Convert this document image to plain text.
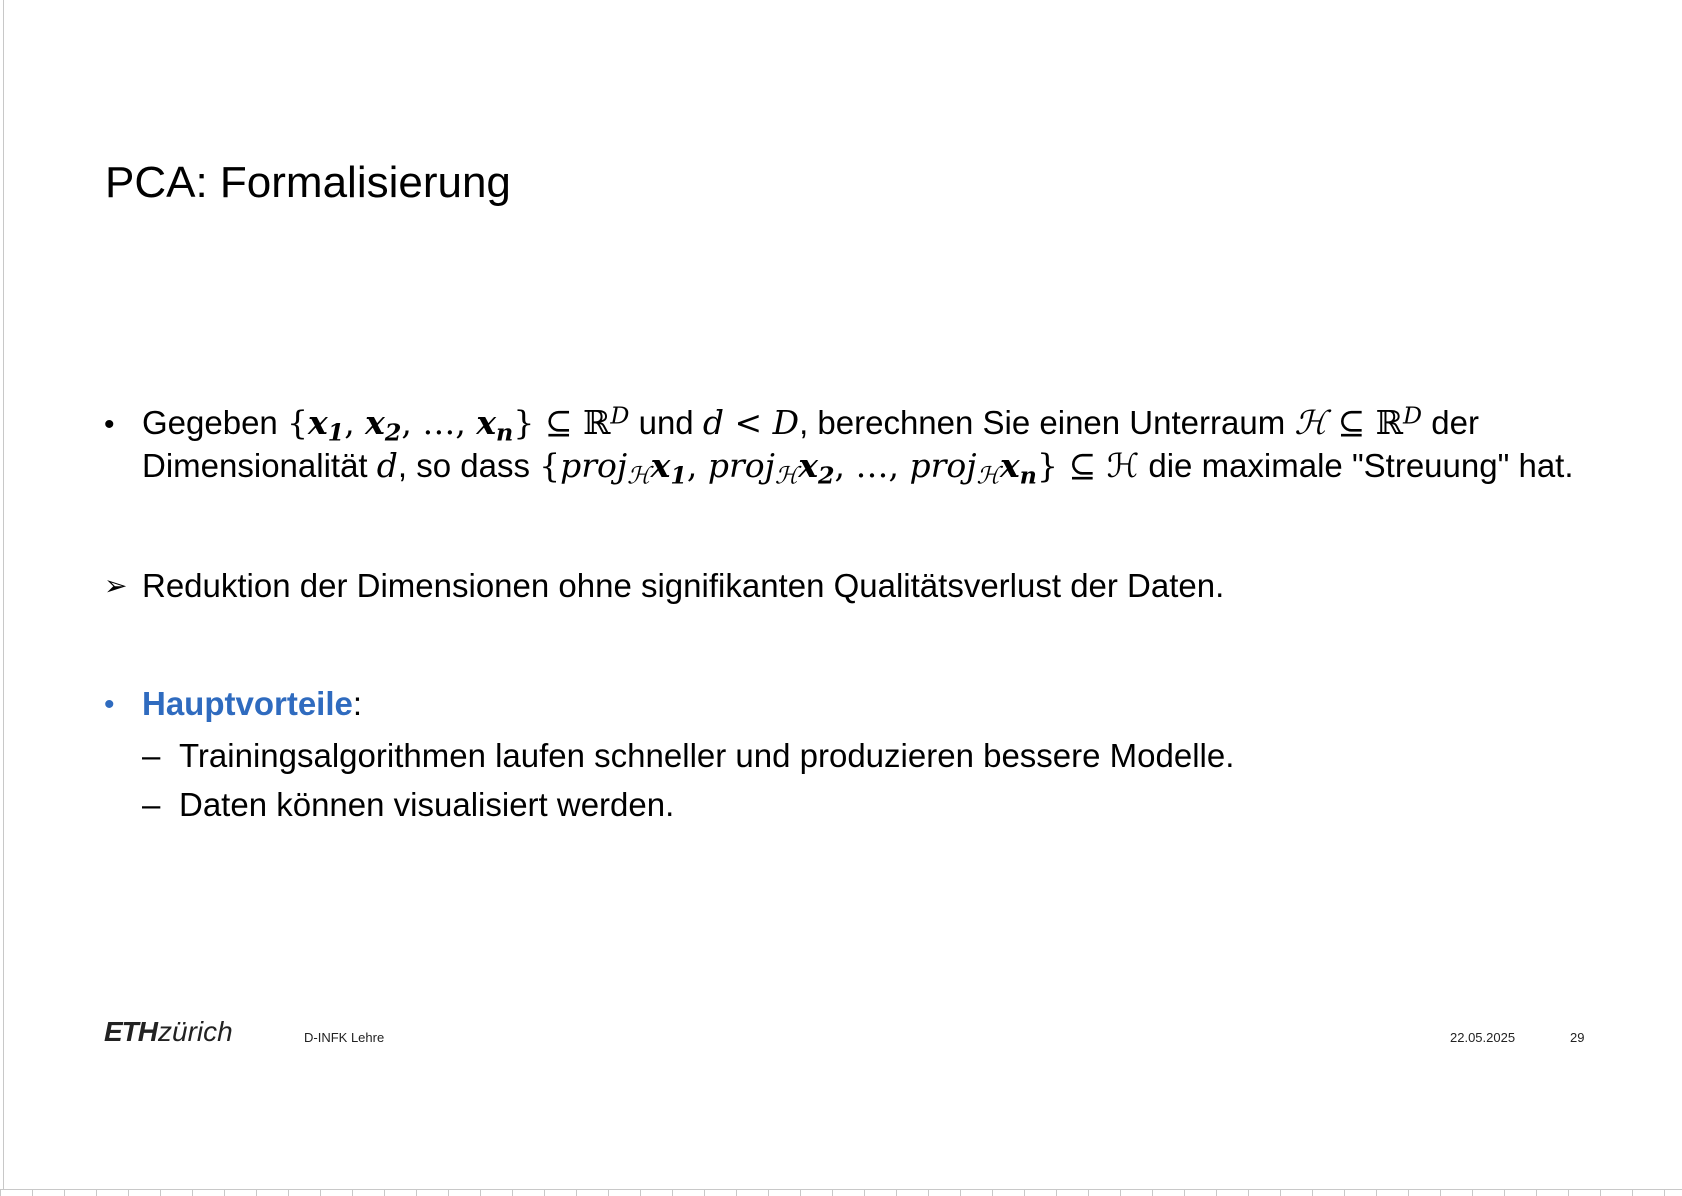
PCA: Formalisierung
• Gegeben {$x_1$, $x_2$, …, $x_n$} ⊆ ℝ$^D$ und d < D, berechnen Sie einen Unterraum ℋ ⊆ ℝ$^D$ der
Dimensionalität d, so dass {$proj_ℋx_1$, $proj_ℋx_2$, …, $proj_ℋx_n$} ⊆ ℋ die maximale "Streuung" hat.
➢ Reduktion der Dimensionen ohne signifikanten Qualitätsverlust der Daten.
• Hauptvorteile:
– Trainingsalgorithmen laufen schneller und produzieren bessere Modelle.
– Daten können visualisiert werden.
ETHzürich	D-INFK Lehre	22.05.2025	29
